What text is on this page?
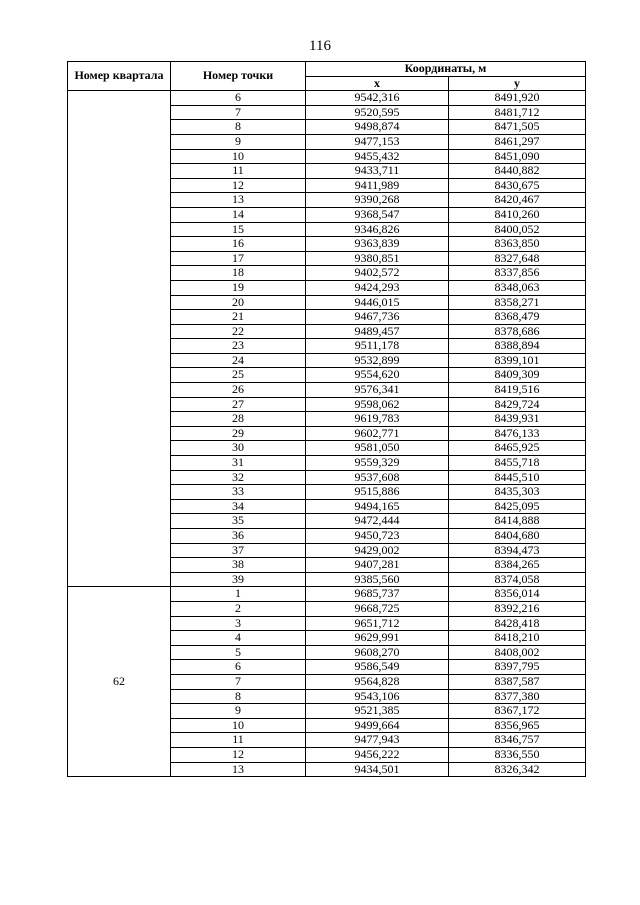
116
Номер квартала	Номер точки	Координаты, м	
		x	y
	6	9542,316	8491,920
	7	9520,595	8481,712
	8	9498,874	8471,505
	9	9477,153	8461,297
	10	9455,432	8451,090
	11	9433,711	8440,882
	12	9411,989	8430,675
	13	9390,268	8420,467
	14	9368,547	8410,260
	15	9346,826	8400,052
	16	9363,839	8363,850
	17	9380,851	8327,648
	18	9402,572	8337,856
	19	9424,293	8348,063
	20	9446,015	8358,271
	21	9467,736	8368,479
	22	9489,457	8378,686
	23	9511,178	8388,894
	24	9532,899	8399,101
	25	9554,620	8409,309
	26	9576,341	8419,516
	27	9598,062	8429,724
	28	9619,783	8439,931
	29	9602,771	8476,133
	30	9581,050	8465,925
	31	9559,329	8455,718
	32	9537,608	8445,510
	33	9515,886	8435,303
	34	9494,165	8425,095
	35	9472,444	8414,888
	36	9450,723	8404,680
	37	9429,002	8394,473
	38	9407,281	8384,265
	39	9385,560	8374,058
62	1	9685,737	8356,014
	2	9668,725	8392,216
	3	9651,712	8428,418
	4	9629,991	8418,210
	5	9608,270	8408,002
	6	9586,549	8397,795
	7	9564,828	8387,587
	8	9543,106	8377,380
	9	9521,385	8367,172
	10	9499,664	8356,965
	11	9477,943	8346,757
	12	9456,222	8336,550
	13	9434,501	8326,342
